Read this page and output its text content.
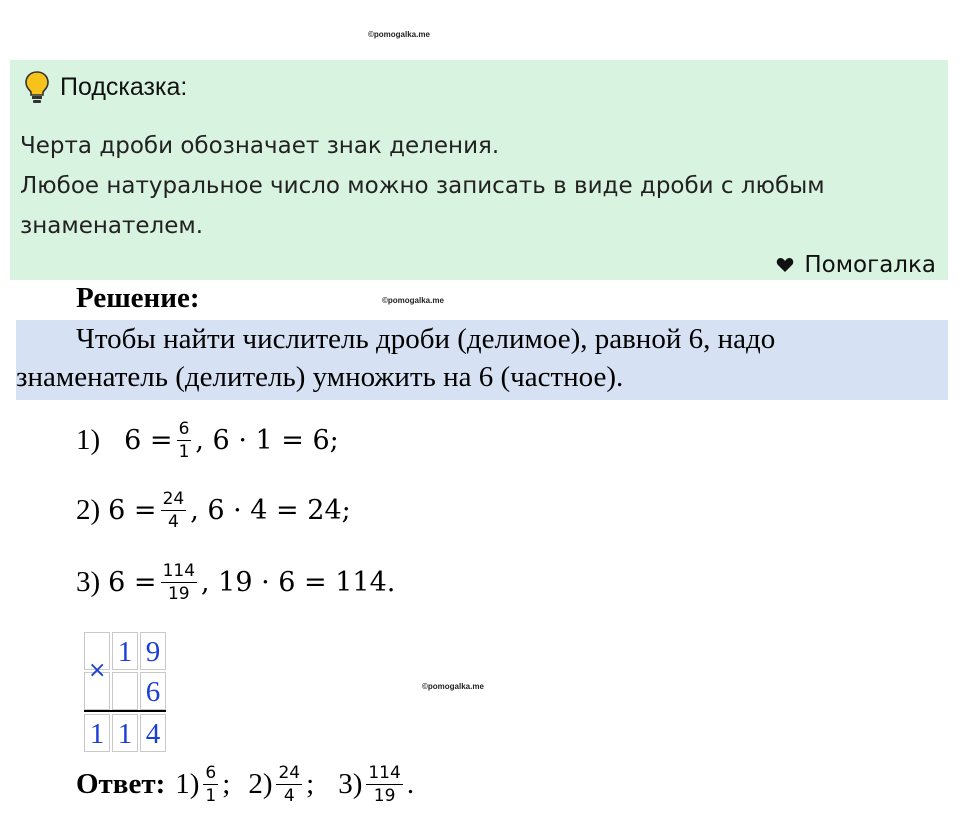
©pomogalka.me
Подсказка:
Черта дроби обозначает знак деления.
Любое натуральное число можно записать в виде дроби с любым
знаменателем.
Помогалка
Решение:	©pomogalka.me
Чтобы найти числитель дроби (делимое), равной 6, надо
знаменатель (делитель) умножить на 6 (частное).
1) $6 = \frac{6}{1}$ , 6 · 1 = 6;
2) $6 = \frac{24}{4}$ , 6 · 4 = 24;
3) $6 = \frac{114}{19}$ , 19 · 6 = 114.
1 9
6
×
1 1 4
©pomogalka.me
Ответ: $1) \frac{6}{1}$ ; $2) \frac{24}{4}$ ; $3) \frac{114}{19}$ .
